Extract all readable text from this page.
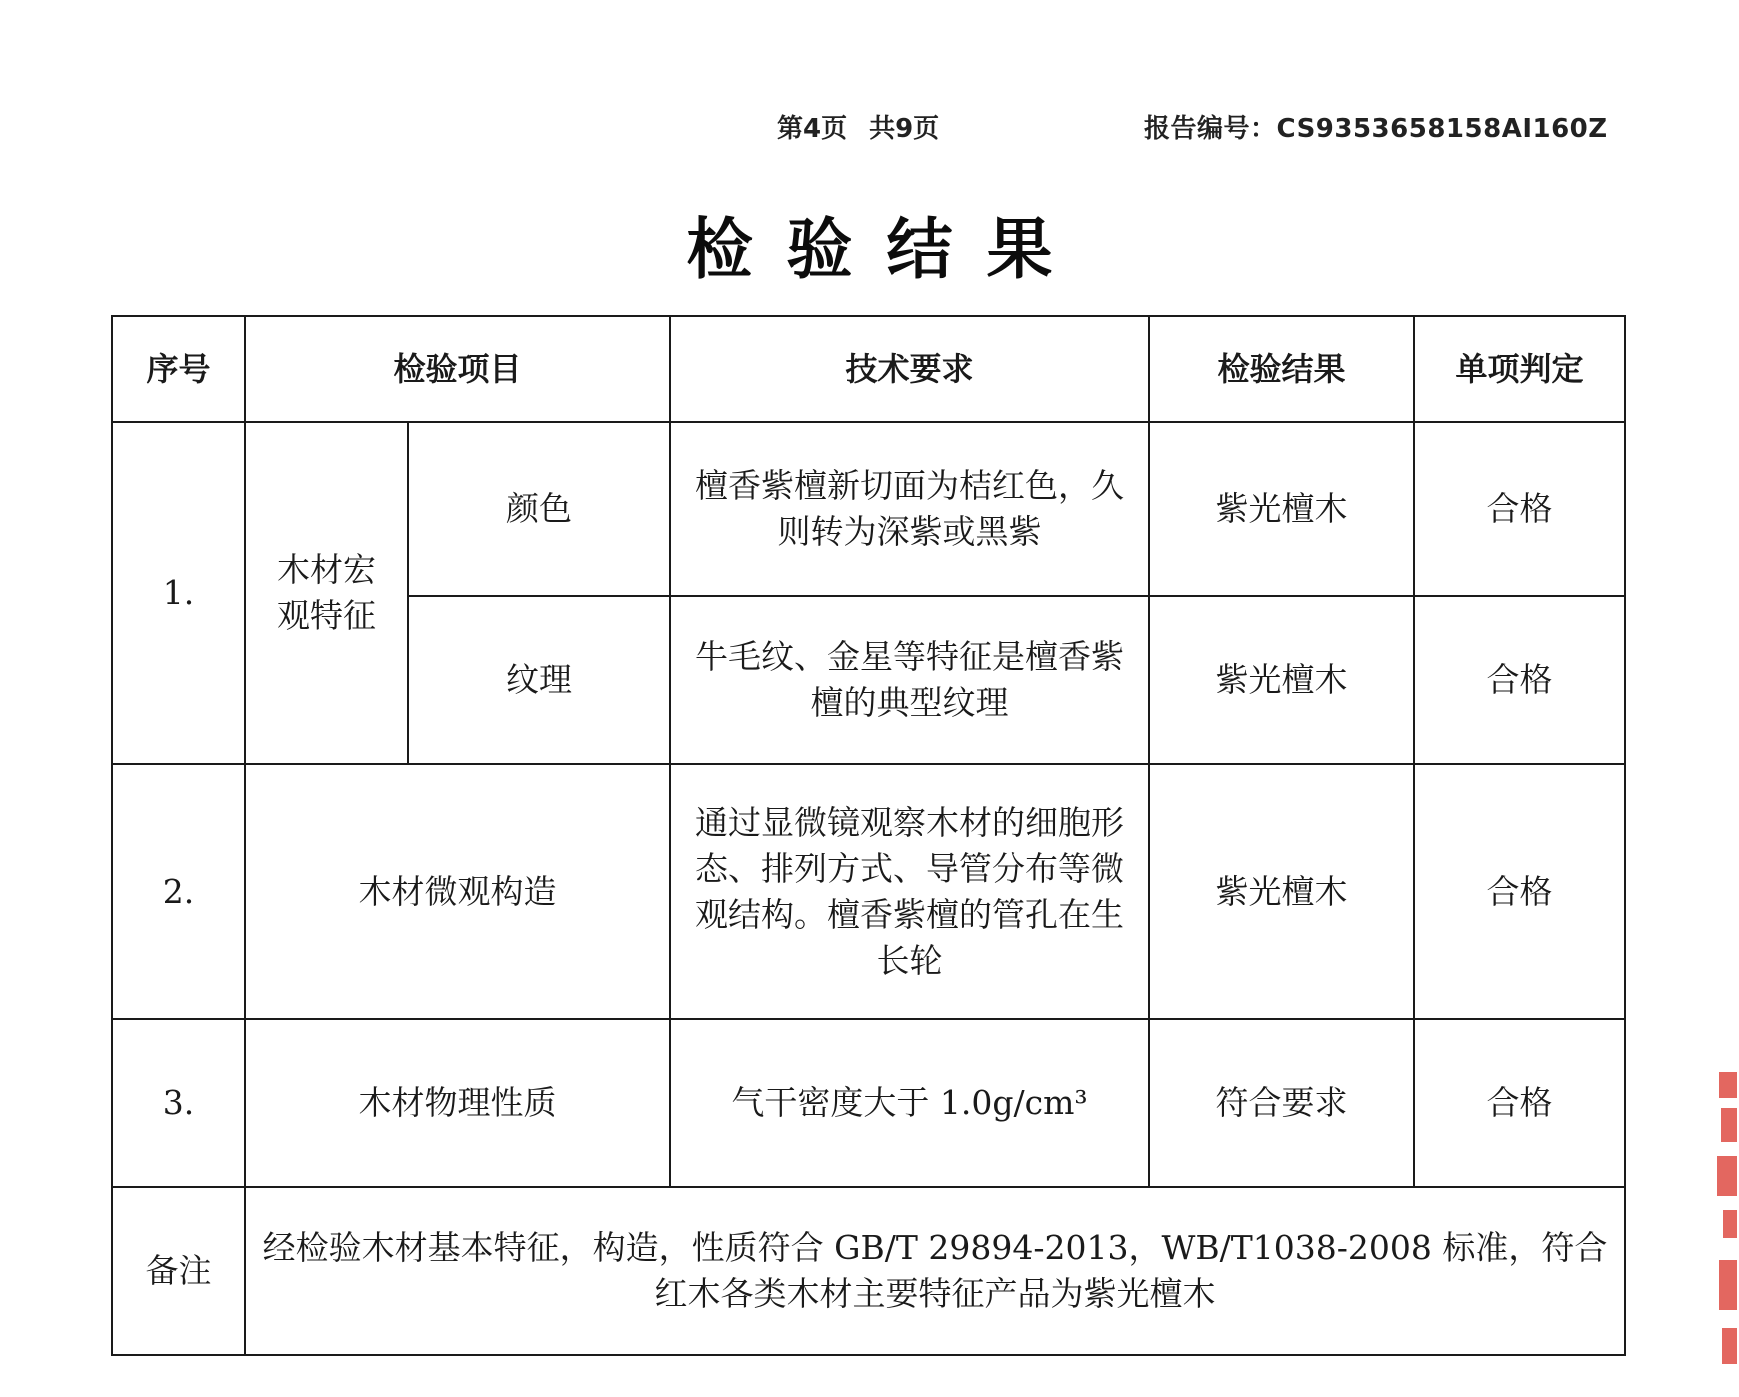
第4页 共9页	报告编号：CS9353658158AI160Z
检验结果
序号	检验项目		技术要求	检验结果	单项判定
1.	木材宏观特征	颜色	檀香紫檀新切面为桔红色，久则转为深紫或黑紫	紫光檀木	合格
		纹理	牛毛纹、金星等特征是檀香紫檀的典型纹理	紫光檀木	合格
2.	木材微观构造		通过显微镜观察木材的细胞形态、排列方式、导管分布等微观结构。檀香紫檀的管孔在生长轮	紫光檀木	合格
3.	木材物理性质		气干密度大于 1.0g/cm³	符合要求	合格
备注	经检验木材基本特征，构造，性质符合 GB/T 29894-2013，WB/T1038-2008 标准，符合红木各类木材主要特征产品为紫光檀木				
